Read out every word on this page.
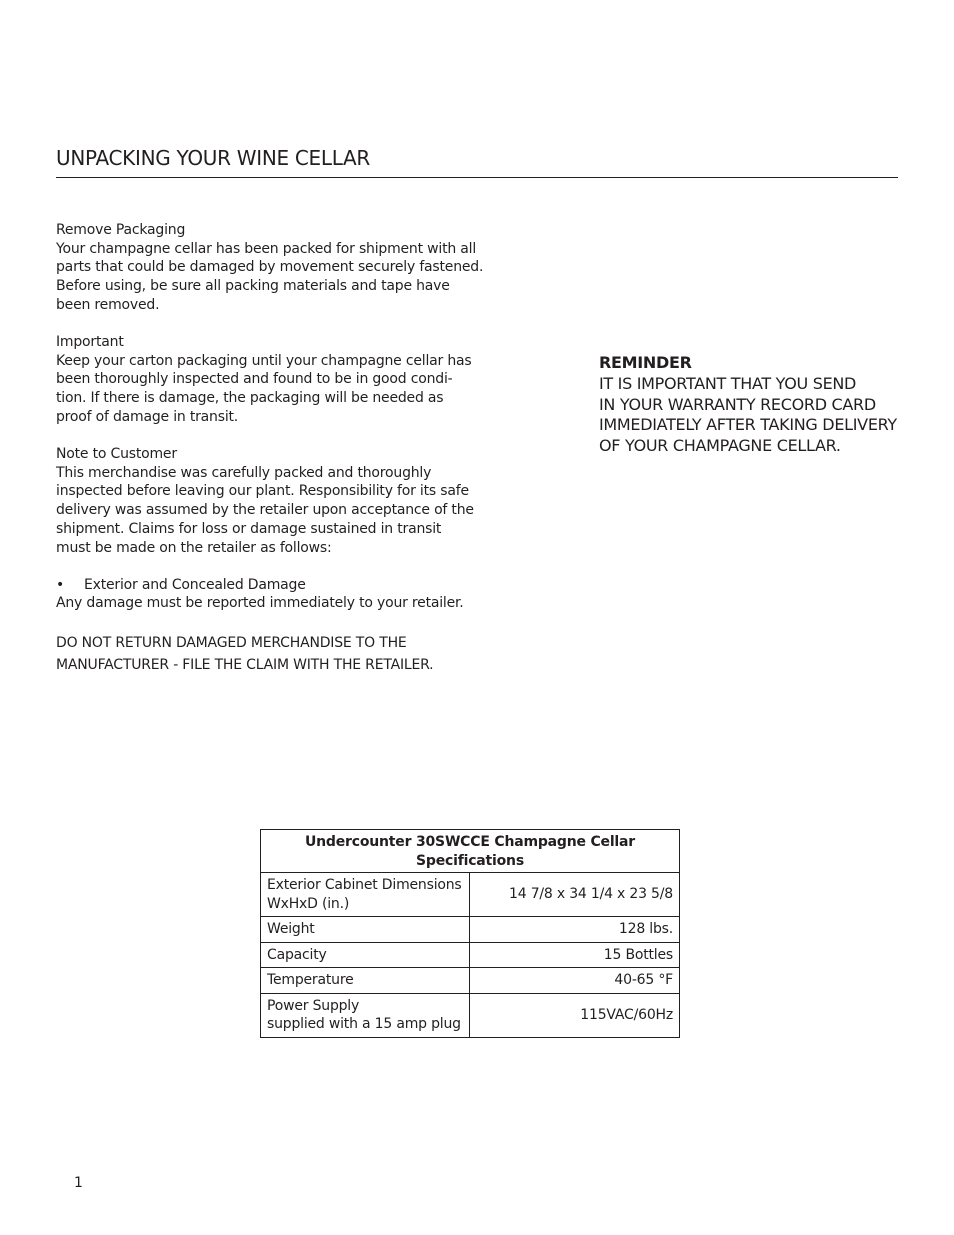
UNPACKING YOUR WINE CELLAR

Remove Packaging

Your champagne cellar has been packed for shipment with all

parts that could be damaged by movement securely fastened.

Before using, be sure all packing materials and tape have

been removed.

Important

Keep your carton packaging until your champagne cellar has

been thoroughly inspected and found to be in good condi-

tion. If there is damage, the packaging will be needed as

proof of damage in transit.

Note to Customer

This merchandise was carefully packed and thoroughly

inspected before leaving our plant. Responsibility for its safe

delivery was assumed by the retailer upon acceptance of the

shipment. Claims for loss or damage sustained in transit

must be made on the retailer as follows:

•	Exterior and Concealed Damage

Any damage must be reported immediately to your retailer.

DO NOT RETURN DAMAGED MERCHANDISE TO THE

MANUFACTURER - FILE THE CLAIM WITH THE RETAILER.

REMINDER

IT IS IMPORTANT THAT YOU SEND

IN YOUR WARRANTY RECORD CARD

IMMEDIATELY AFTER TAKING DELIVERY

OF YOUR CHAMPAGNE CELLAR.

Undercounter 30SWCCE Champagne Cellar
Specifications	

Exterior Cabinet Dimensions
WxHxD (in.)	14 7/8 x 34 1/4 x 23 5/8
Weight	128 lbs.
Capacity	15 Bottles
Temperature	40-65 °F

Power Supply
supplied with a 15 amp plug	115VAC/60Hz
1
